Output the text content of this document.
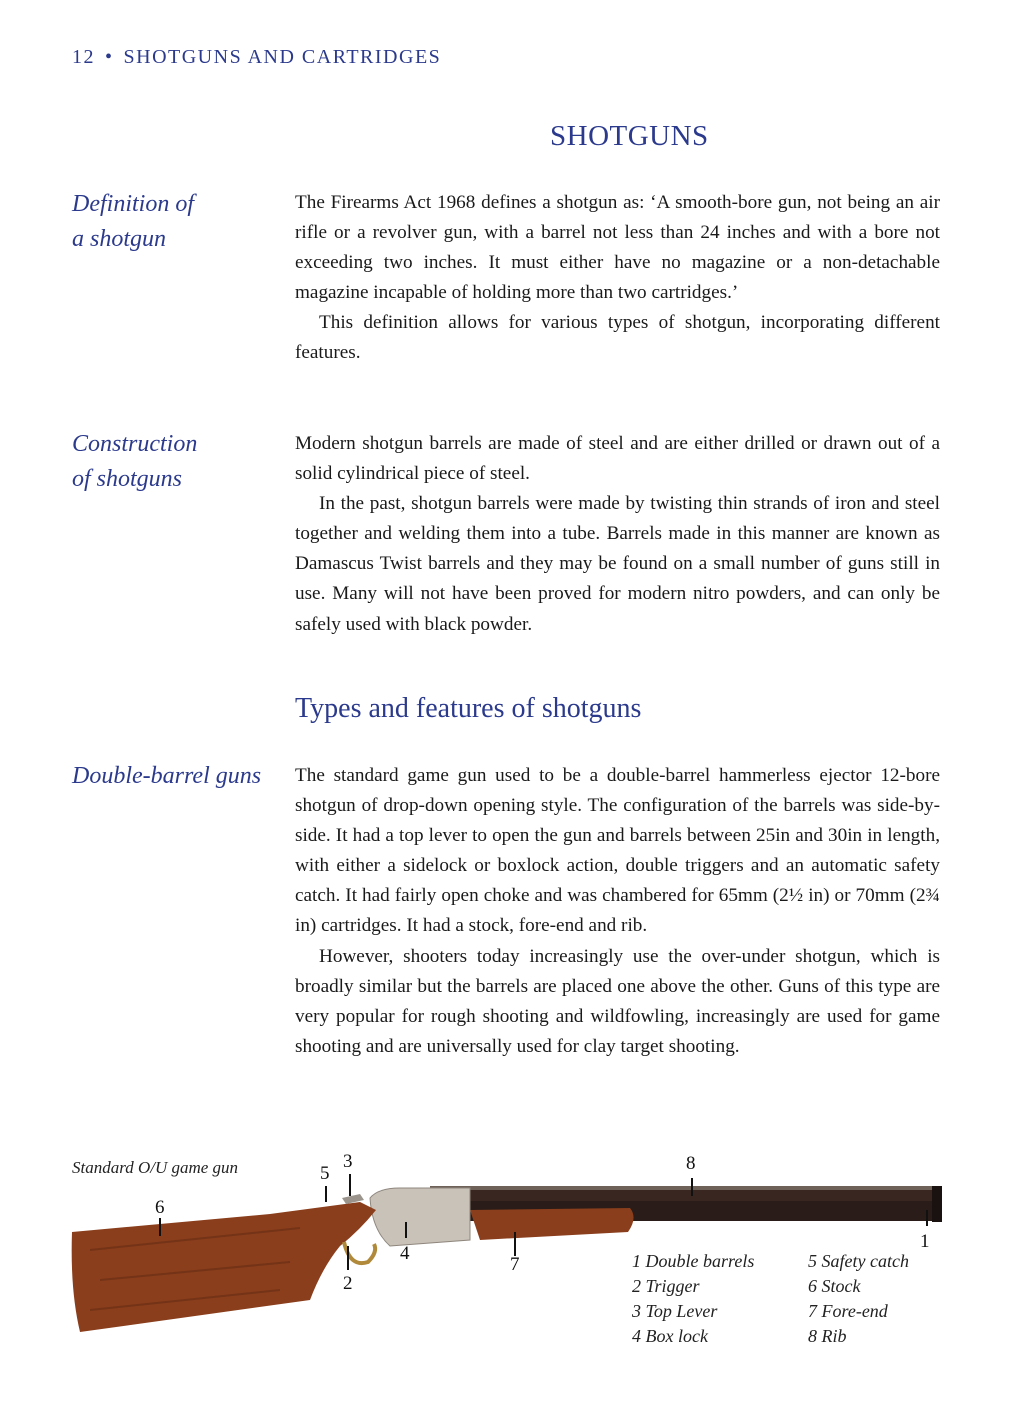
12 • SHOTGUNS AND CARTRIDGES
SHOTGUNS
Definition of
a shotgun

The Firearms Act 1968 defines a shotgun as: ‘A smooth-bore gun, not being an air rifle or a revolver gun, with a barrel not less than 24 inches and with a bore not exceeding two inches. It must either have no magazine or a non-detachable magazine incapable of holding more than two cartridges.’

This definition allows for various types of shotgun, incorporating different features.

Construction
of shotguns

Modern shotgun barrels are made of steel and are either drilled or drawn out of a solid cylindrical piece of steel.

In the past, shotgun barrels were made by twisting thin strands of iron and steel together and welding them into a tube. Barrels made in this manner are known as Damascus Twist barrels and they may be found on a small number of guns still in use. Many will not have been proved for modern nitro powders, and can only be safely used with black powder.

Types and features of shotguns
Double-barrel guns	The standard game gun used to be a double-barrel hammerless ejector 12-bore shotgun of drop-down opening style. The configuration of the barrels was side-by-side. It had a top lever to open the gun and barrels between 25in and 30in in length, with either a sidelock or boxlock action, double triggers and an automatic safety catch. It had fairly open choke and was chambered for 65mm (2½ in) or 70mm (2¾ in) cartridges. It had a stock, fore-end and rib.

However, shooters today increasingly use the over-under shotgun, which is broadly similar but the barrels are placed one above the other. Guns of this type are very popular for rough shooting and wildfowling, increasingly are used for game shooting and are universally used for clay target shooting.

Standard O/U game gun
1
2
3
4
5
6
7
8
1 Double barrels
2 Trigger
3 Top Lever
4 Box lock
5 Safety catch
6 Stock
7 Fore-end
8 Rib
